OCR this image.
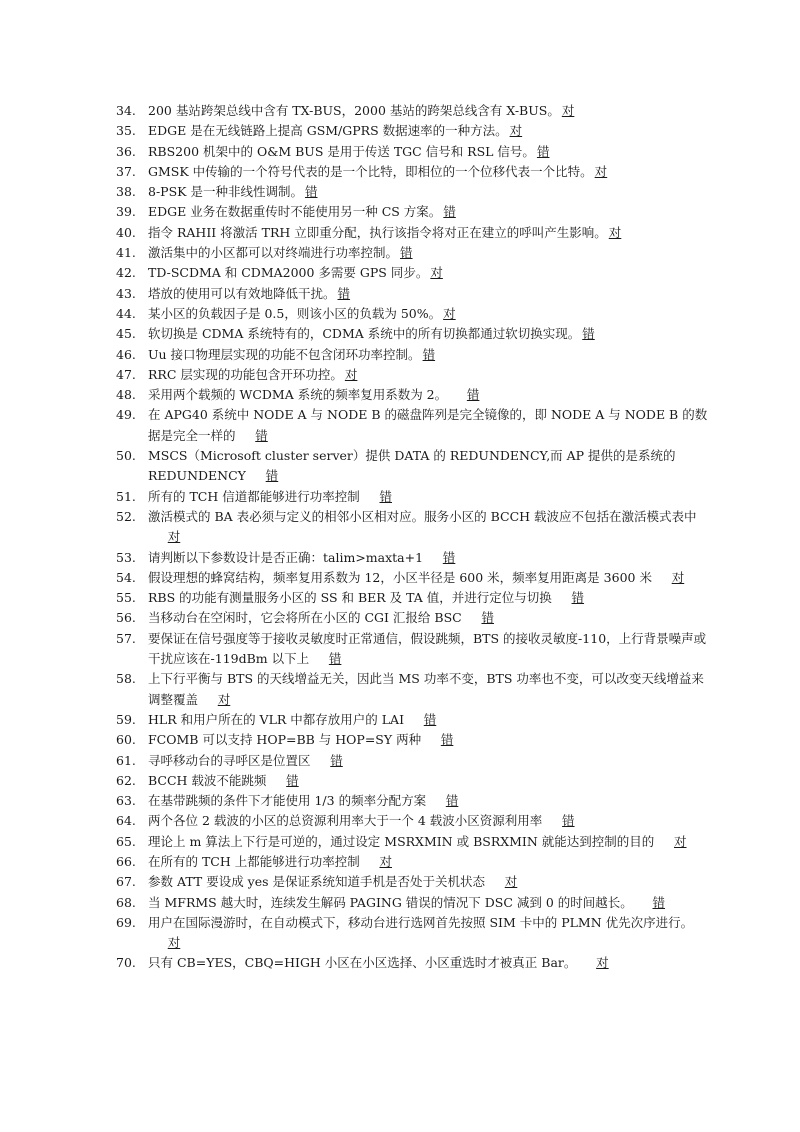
34. 200 基站跨架总线中含有 TX-BUS，2000 基站的跨架总线含有 X-BUS。 对
35. EDGE 是在无线链路上提高 GSM/GPRS 数据速率的一种方法。 对
36. RBS200 机架中的 O&M BUS 是用于传送 TGC 信号和 RSL 信号。 错
37. GMSK 中传输的一个符号代表的是一个比特，即相位的一个位移代表一个比特。 对
38. 8-PSK 是一种非线性调制。 错
39. EDGE 业务在数据重传时不能使用另一种 CS 方案。 错
40. 指令 RAHII 将激活 TRH 立即重分配，执行该指令将对正在建立的呼叫产生影响。 对
41. 激活集中的小区都可以对终端进行功率控制。 错
42. TD-SCDMA 和 CDMA2000 多需要 GPS 同步。 对
43. 塔放的使用可以有效地降低干扰。 错
44. 某小区的负载因子是 0.5，则该小区的负载为 50%。 对
45. 软切换是 CDMA 系统特有的，CDMA 系统中的所有切换都通过软切换实现。 错
46. Uu 接口物理层实现的功能不包含闭环功率控制。 错
47. RRC 层实现的功能包含开环功控。 对
48. 采用两个载频的 WCDMA 系统的频率复用系数为 2。 错
49. 在 APG40 系统中 NODE A 与 NODE B 的磁盘阵列是完全镜像的，即 NODE A 与 NODE B 的数据是完全一样的 错
50. MSCS（Microsoft cluster server）提供 DATA 的 REDUNDENCY,而 AP 提供的是系统的 REDUNDENCY 错
51. 所有的 TCH 信道都能够进行功率控制 错
52. 激活模式的 BA 表必须与定义的相邻小区相对应。服务小区的 BCCH 载波应不包括在激活模式表中对
53. 请判断以下参数设计是否正确：talim>maxta+1 错
54. 假设理想的蜂窝结构，频率复用系数为 12，小区半径是 600 米，频率复用距离是 3600 米 对
55. RBS 的功能有测量服务小区的 SS 和 BER 及 TA 值，并进行定位与切换 错
56. 当移动台在空闲时，它会将所在小区的 CGI 汇报给 BSC 错
57. 要保证在信号强度等于接收灵敏度时正常通信，假设跳频，BTS 的接收灵敏度-110，上行背景噪声或干扰应该在-119dBm 以下上 错
58. 上下行平衡与 BTS 的天线增益无关，因此当 MS 功率不变，BTS 功率也不变，可以改变天线增益来调整覆盖 对
59. HLR 和用户所在的 VLR 中都存放用户的 LAI 错
60. FCOMB 可以支持 HOP=BB 与 HOP=SY 两种 错
61. 寻呼移动台的寻呼区是位置区 错
62. BCCH 载波不能跳频 错
63. 在基带跳频的条件下才能使用 1/3 的频率分配方案 错
64. 两个各位 2 载波的小区的总资源利用率大于一个 4 载波小区资源利用率 错
65. 理论上 m 算法上下行是可逆的，通过设定 MSRXMIN 或 BSRXMIN 就能达到控制的目的 对
66. 在所有的 TCH 上都能够进行功率控制 对
67. 参数 ATT 要设成 yes 是保证系统知道手机是否处于关机状态 对
68. 当 MFRMS 越大时，连续发生解码 PAGING 错误的情况下 DSC 减到 0 的时间越长。 错
69. 用户在国际漫游时，在自动模式下，移动台进行选网首先按照 SIM 卡中的 PLMN 优先次序进行。对
70. 只有 CB=YES，CBQ=HIGH 小区在小区选择、小区重选时才被真正 Bar。 对
